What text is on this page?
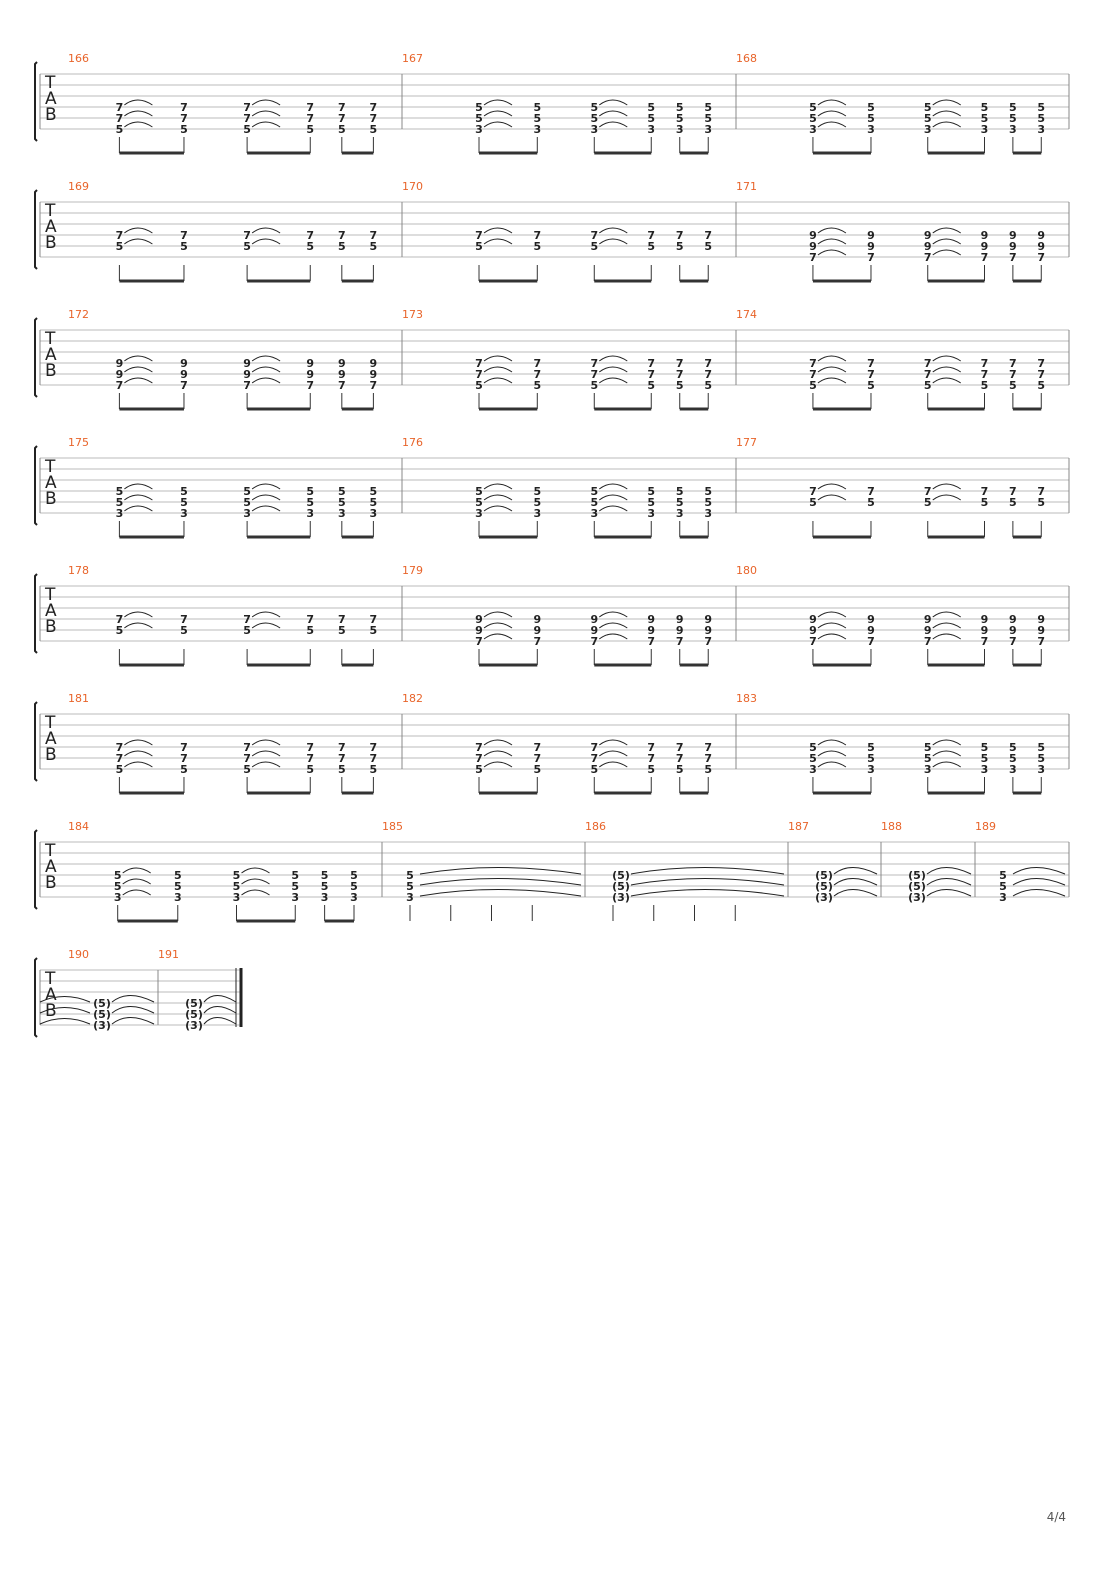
T
A
B
166
7
7
5
7
7
5
7
7
5
7
7
5
7
7
5
7
7
5
167
5
5
3
5
5
3
5
5
3
5
5
3
5
5
3
5
5
3
168
5
5
3
5
5
3
5
5
3
5
5
3
5
5
3
5
5
3
T
A
B
169
7
5
7
5
7
5
7
5
7
5
7
5
170
7
5
7
5
7
5
7
5
7
5
7
5
171
9
9
7
9
9
7
9
9
7
9
9
7
9
9
7
9
9
7
T
A
B
172
9
9
7
9
9
7
9
9
7
9
9
7
9
9
7
9
9
7
173
7
7
5
7
7
5
7
7
5
7
7
5
7
7
5
7
7
5
174
7
7
5
7
7
5
7
7
5
7
7
5
7
7
5
7
7
5
T
A
B
175
5
5
3
5
5
3
5
5
3
5
5
3
5
5
3
5
5
3
176
5
5
3
5
5
3
5
5
3
5
5
3
5
5
3
5
5
3
177
7
5
7
5
7
5
7
5
7
5
7
5
T
A
B
178
7
5
7
5
7
5
7
5
7
5
7
5
179
9
9
7
9
9
7
9
9
7
9
9
7
9
9
7
9
9
7
180
9
9
7
9
9
7
9
9
7
9
9
7
9
9
7
9
9
7
T
A
B
181
7
7
5
7
7
5
7
7
5
7
7
5
7
7
5
7
7
5
182
7
7
5
7
7
5
7
7
5
7
7
5
7
7
5
7
7
5
183
5
5
3
5
5
3
5
5
3
5
5
3
5
5
3
5
5
3
T
A
B
184
5
5
3
5
5
3
5
5
3
5
5
3
5
5
3
5
5
3
185
5
5
3
186
(5)
(5)
(3)
187
(5)
(5)
(3)
188
(5)
(5)
(3)
189
5
5
3
T
A
B
190
(5)
(5)
(3)
191
(5)
(5)
(3)
4/4
